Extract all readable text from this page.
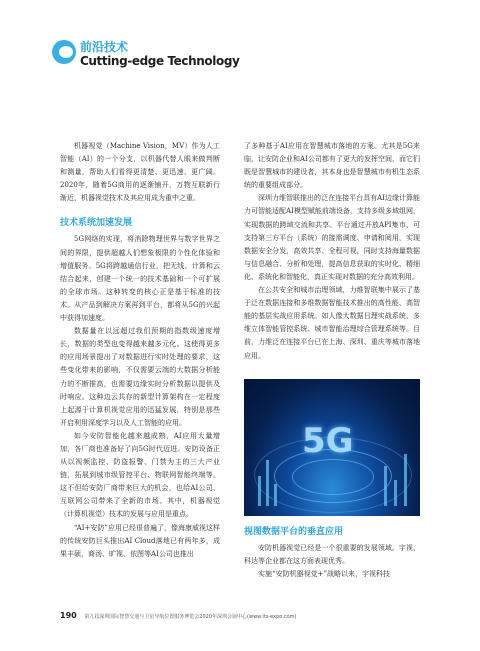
前沿技术
Cutting-edge Technology

机器视觉（Machine Vision，MV）作为人工智能（AI）的一个分支，以机器代替人眼来做判断和测量，帮助人们看得更清楚、更迅速、更广阔。2020年，随着5G商用的逐渐铺开，万物互联新行渐近，机器视觉技术及其应用成为重中之重。

技术系统加速发展

5G网络的实现，将消除物理世界与数字世界之间的界限，提供超越人们想象极限的个性化体验和增值服务。5G将跨越通信行业，把无线、计算和云结合起来，创建一个统一的技术基础和一个可扩展的全球市场。这种转变的核心正是基于标准的技术。从产品到解决方案再到平台，都将从5G的兴起中获得加速度。

数据量在以远超过我们预期的指数级速度增长，数据的类型也变得越来越多元化。这使得更多的应用场景提出了对数据进行实时处理的要求，这些变化带来的影响，不仅需要云端的大数据分析能力的不断推高，也需要边缘实时分析数据以提供及时响应。这种边云共存的新型计算架构在一定程度上起源于计算机视觉应用的迅猛发展，特别是那些开启利用深度学习以及人工智能的应用。

如今安防智能化越来越成熟，AI应用大量增加，各厂商也准备好了向5G时代迈进。安防设备正从以视频监控、防盗报警、门禁为主的三大产业链，拓展到城市级管控平台、物联网智能终端等。这不但给安防厂商带来巨大的机会，也给AI公司、互联网公司带来了全新的市场。其中，机器视觉（计算机视觉）技术的发展与应用是重点。

“AI+安防”应用已经很普遍了，像海康威视这样的传统安防巨头推出AI Cloud落地已有两年多，成果丰硕，商汤、旷视、依图等AI公司也推出

了多种基于AI应用在智慧城市落地的方案。尤其是5G来临，让安防企业和AI公司都有了更大的发挥空间，而它们既是智慧城市的建设者，其本身也是智慧城市有机生态系统的重要组成部分。

深圳力维智联推出的泛在连接平台具有AI边缘计算能力可智能适配AI模型赋能前端设备，支持多级多域组网，实现数据的跨域交流和共享。平台通过开放API集市、可支持第三方平台（系统）的接需调度、申请和阅用，实现数据安全分发，高效共享、全程可视，同时支持海量数据与信息融合、分析和处理，提高信息获取的实时化、精细化、系统化和智能化，真正实现对数据的充分高效利用。

在公共安全和城市治理领域，力维智联集中展示了基于泛在数据连接和多维数据智能技术推出的高性能、高智能的基层实战应用系统。如人像大数据日理实战系统、多维立体智能管控系统、城市智能治理综合管理系统等。目前，力维泛在连接平台已在上海、深圳、重庆等城市落地应用。

5G
视图数据平台的垂直应用

安防机器视觉已经是一个很重要的发展领域。宇视、科达等企业都在这方面表现优秀。

实施“安防机器视觉+”战略以来，宇视科技

190 第九届深圳国际智慧交通与卫星导航位置服务博览会2020年深圳会展中心(www.its-expo.com)
